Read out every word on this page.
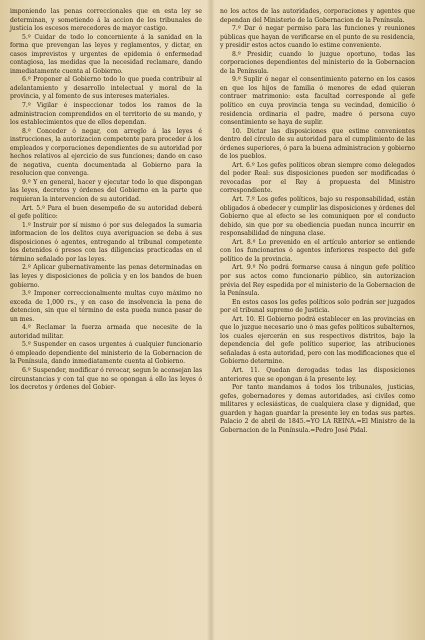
imponiendo las penas correccionales que en esta ley se determinan, y sometiendo á la accion de los tribunales de justicia los escesos merecedores de mayor castigo.

5.º Cuidar de todo lo concerniente á la sanidad en la forma que prevengan las leyes y reglamentos, y dictar, en casos imprevistos y urgentes de epidemia ó enfermedad contagiosa, las medidas que la necesidad reclamare, dando inmediatamente cuenta al Gobierno.

6.º Proponer al Gobierno todo lo que pueda contribuir al adelantamiento y desarrollo intelectual y moral de la provincia, y al fomento de sus intereses materiales.

7.º Vigilar é inspeccionar todos los ramos de la administracion comprendidos en el territorio de su mando, y los establecimientos que de ellos dependan.

8.º Conceder ó negar, con arreglo á las leyes é instrucciones, la autorizacion competente para proceder á los empleados y corporaciones dependientes de su autoridad por hechos relativos al ejercicio de sus funciones; dando en caso de negativa, cuenta documentada al Gobierno para la resolucion que convenga.

9.º Y en general, hacer y ejecutar todo lo que dispongan las leyes, decretos y órdenes del Gobierno en la parte que requieran la intervencion de su autoridad.

Art. 5.º Para el buen desempeño de su autoridad deberá el gefe político:

1.º Instruir por sí mismo ó por sus delegados la sumaria informacion de los delitos cuya averiguacion se deba á sus disposiciones ó agentes, entregando al tribunal competente los detenidos ó presos con las diligencias practicadas en el término señalado por las leyes.

2.º Aplicar gubernativamente las penas determinadas en las leyes y disposiciones de policía y en los bandos de buen gobierno.

3.º Imponer correccionalmente multas cuyo máximo no exceda de 1,000 rs., y en caso de insolvencia la pena de detencion, sin que el término de esta pueda nunca pasar de un mes.

4.º Reclamar la fuerza armada que necesite de la autoridad militar.

5.º Suspender en casos urgentes á cualquier funcionario ó empleado dependiente del ministerio de la Gobernacion de la Península, dando inmediatamente cuenta al Gobierno.

6.º Suspender, modificar ó revocar, segun le aconsejan las circunstancias y con tal que no se opongan á ello las leyes ó los decretos y órdenes del Gobier-

no los actos de las autoridades, corporaciones y agentes que dependan del Ministerio de la Gobernacion de la Península.

7.º Dar ó negar permiso para las funciones y reuniones públicas que hayan de verificarse en el punto de su residencia, y presidir estos actos cuando lo estime conveniente.

8.º Presidir, cuando lo juzgue oportuno, todas las corporaciones dependientes del ministerio de la Gobernacion de la Península.

9.º Suplir ó negar el consentimiento paterno en los casos en que los hijos de familia ó menores de edad quieran contraer matrimonio: esta facultad corresponde al gefe político en cuya provincia tenga su vecindad, domicilio ó residencia ordinaria el padre, madre ó persona cuyo consentimiento se haya de suplir.

10. Dictar las disposiciones que estime convenientes dentro del círculo de su autoridad para el cumplimiento de las órdenes superiores, ó para la buena administracion y gobierno de los pueblos.

Art. 6.º Los gefes políticos obran siempre como delegados del poder Real: sus disposiciones pueden ser modificadas ó revocadas por el Rey á propuesta del Ministro correspondiente.

Art. 7.º Los gefes políticos, bajo su responsabilidad, están obligados á obedecer y cumplir las disposiciones y órdenes del Gobierno que al efecto se les comuniquen por el conducto debido, sin que por su obediencia puedan nunca incurrir en responsabilidad de ninguna clase.

Art. 8.º Lo prevenido en el artículo anterior se entiende con los funcionarios ó agentes inferiores respecto del gefe político de la provincia.

Art. 9.º No podrá formarse causa á ningun gefe político por sus actos como funcionario público, sin autorizacion prévia del Rey espedida por el ministerio de la Gobernacion de la Península.

En estos casos los gefes políticos solo podrán ser juzgados por el tribunal supremo de Justicia.

Art. 10. El Gobierno podrá establecer en las provincias en que lo juzgue necesario uno ó mas gefes políticos subalternos, los cuales ejercerán en sus respectivos distritos, bajo la dependencia del gefe político superior, las atribuciones señaladas á esta autoridad, pero con las modificaciones que el Gobierno determine.

Art. 11. Quedan derogadas todas las disposiciones anteriores que se opongan á la presente ley.

Por tanto mandamos á todos los tribunales, justicias, gefes, gobernadores y demas autoridades, así civiles como militares y eclesiásticas, de cualquiera clase y dignidad, que guarden y hagan guardar la presente ley en todas sus partes. Palacio 2 de abril de 1845.=YO LA REINA.=El Ministro de la Gobernacion de la Península.=Pedro José Pidal.
